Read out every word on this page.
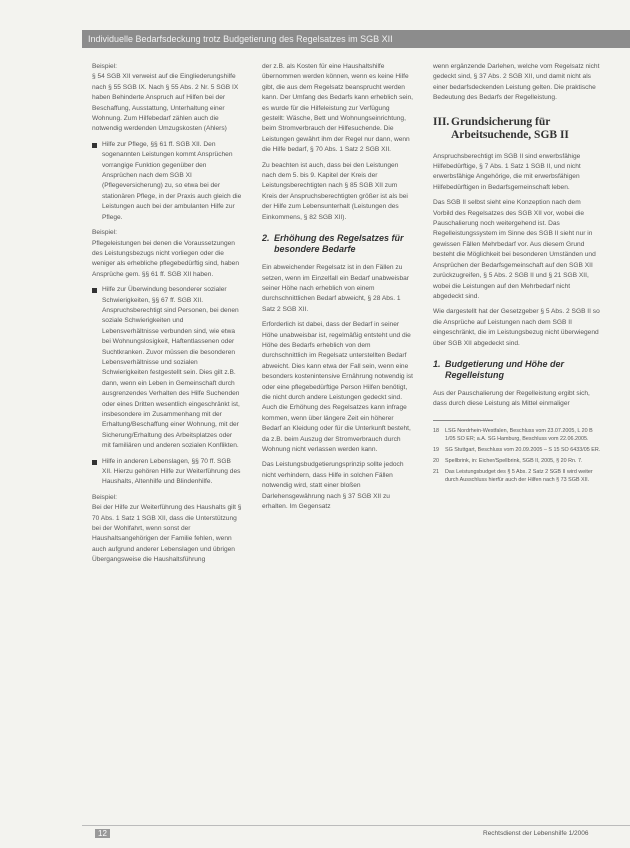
Individuelle Bedarfsdeckung trotz Budgetierung des Regelsatzes im SGB XII
Beispiel:
§ 54 SGB XII verweist auf die Eingliederungshilfe nach § 55 SGB IX. Nach § 55 Abs. 2 Nr. 5 SGB IX haben Behinderte Anspruch auf Hilfen bei der Beschaffung, Ausstattung, Unterhaltung einer Wohnung. Zum Hilfebedarf zählen auch die notwendig werdenden Umzugskosten (Ahlers)
Hilfe zur Pflege, §§ 61 ff. SGB XII. Den sogenannten Leistungen kommt Ansprüchen vorrangige Funktion gegenüber den Ansprüchen nach dem SGB XI (Pflegeversicherung) zu, so etwa bei der stationären Pflege, in der Praxis auch gleich die Leistungen auch bei der ambulanten Hilfe zur Pflege.
Beispiel:
Pflegeleistungen bei denen die Voraussetzungen des Leistungsbezugs nicht vorliegen oder die weniger als erhebliche pflegebedürftig sind, haben Ansprüche gem. §§ 61 ff. SGB XII haben.
Hilfe zur Überwindung besonderer sozialer Schwierigkeiten, §§ 67 ff. SGB XII. Anspruchsberechtigt sind Personen, bei denen soziale Schwierigkeiten und Lebensverhältnisse verbunden sind, wie etwa bei Wohnungslosigkeit, Haftentlassenen oder Suchtkranken. Zuvor müssen die besonderen Lebensverhältnisse und sozialen Schwierigkeiten festgestellt sein. Dies gilt z.B. dann, wenn ein Leben in Gemeinschaft durch ausgrenzendes Verhalten des Hilfe Suchenden oder eines Dritten wesentlich eingeschränkt ist, insbesondere im Zusammenhang mit der Erhaltung/Beschaffung einer Wohnung, mit der Sicherung/Erhaltung des Arbeitsplatzes oder mit familiären und anderen sozialen Konflikten.
Hilfe in anderen Lebenslagen, §§ 70 ff. SGB XII. Hierzu gehören Hilfe zur Weiterführung des Haushalts, Altenhilfe und Blindenhilfe.
Beispiel:
Bei der Hilfe zur Weiterführung des Haushalts gilt § 70 Abs. 1 Satz 1 SGB XII, dass die Unterstützung bei der Wohlfahrt, wenn sonst der Haushaltsangehörigen der Familie fehlen, wenn auch aufgrund anderer Lebenslagen und übrigen Übergangsweise die Haushaltsführung
der z.B. als Kosten für eine Haushaltshilfe übernommen werden können, wenn es keine Hilfe gibt, die aus dem Regelsatz beansprucht werden kann. Der Umfang des Bedarfs kann erheblich sein, es wurde für die Hilfeleistung zur Verfügung gestellt: Wäsche, Bett und Wohnungseinrichtung, beim Stromverbrauch der Hilfesuchende. Die Leistungen gewährt ihm der Regel nur dann, wenn die Hilfe bedarf, § 70 Abs. 1 Satz 2 SGB XII.
Zu beachten ist auch, dass bei den Leistungen nach dem 5. bis 9. Kapitel der Kreis der Leistungsberechtigten nach § 85 SGB XII zum Kreis der Anspruchsberechtigten größer ist als bei der Hilfe zum Lebensunterhalt (Leistungen des Einkommens, § 82 SGB XII).
2. Erhöhung des Regelsatzes für besondere Bedarfe
Ein abweichender Regelsatz ist in den Fällen zu setzen, wenn im Einzelfall ein Bedarf unabweisbar seiner Höhe nach erheblich von einem durchschnittlichen Bedarf abweicht, § 28 Abs. 1 Satz 2 SGB XII.
Erforderlich ist dabei, dass der Bedarf in seiner Höhe unabweisbar ist, regelmäßig entsteht und die Höhe des Bedarfs erheblich von dem durchschnittlich im Regelsatz unterstellten Bedarf abweicht. Dies kann etwa der Fall sein, wenn eine besonders kostenintensive Ernährung notwendig ist oder eine pflegebedürftige Person Hilfen benötigt, die nicht durch andere Leistungen gedeckt sind. Auch die Erhöhung des Regelsatzes kann infrage kommen, wenn über längere Zeit ein höherer Bedarf an Kleidung oder für die Unterkunft besteht, da z.B. beim Auszug der Stromverbrauch durch Wohnung nicht verlassen werden kann.
Das Leistungsbudgetierungsprinzip sollte jedoch nicht verhindern, dass Hilfe in solchen Fällen notwendig wird, statt einer bloßen Darlehensgewährung nach § 37 SGB XII zu erhalten. Im Gegensatz
wenn ergänzende Darlehen, welche vom Regelsatz nicht gedeckt sind, § 37 Abs. 2 SGB XII, und damit nicht als einer bedarfsdeckenden Leistung gelten. Die praktische Bedeutung des Bedarfs der Regelleistung.
III. Grundsicherung für Arbeitsuchende, SGB II
Anspruchsberechtigt im SGB II sind erwerbsfähige Hilfebedürftige, § 7 Abs. 1 Satz 1 SGB II, und nicht erwerbsfähige Angehörige, die mit erwerbsfähigen Hilfebedürftigen in Bedarfsgemeinschaft leben.
Das SGB II selbst sieht eine Konzeption nach dem Vorbild des Regelsatzes des SGB XII vor, wobei die Pauschalierung noch weitergehend ist. Das Regelleistungssystem im Sinne des SGB II sieht nur in gewissen Fällen Mehrbedarf vor. Aus diesem Grund besteht die Möglichkeit bei besonderen Umständen und Ansprüchen der Bedarfsgemeinschaft auf den SGB XII zurückzugreifen, § 5 Abs. 2 SGB II und § 21 SGB XII, wobei die Leistungen auf den Mehrbedarf nicht abgedeckt sind.
Wie dargestellt hat der Gesetzgeber § 5 Abs. 2 SGB II so die Ansprüche auf Leistungen nach dem SGB II eingeschränkt, die im Leistungsbezug nicht überwiegend über SGB XII abgedeckt sind.
1. Budgetierung und Höhe der Regelleistung
Aus der Pauschalierung der Regelleistung ergibt sich, dass durch diese Leistung als Mittel einmaliger
18 LSG Nordrhein-Westfalen, Beschluss vom 23.07.2005, L 20 B 1/05 SO ER; a.A. SG Hamburg, Beschluss vom 22.06.2005.
19 SG Stuttgart, Beschluss vom 20.09.2005 – S 15 SO 6433/05 ER.
20 Spellbrink, in: Eicher/Spellbrink, SGB II, 2005, § 20 Rn. 7.
21 Das Leistungsbudget des § 5 Abs. 2 Satz 2 SGB II wird weiter durch Ausschluss hierfür auch der Hilfen nach § 73 SGB XII.
12	Rechtsdienst der Lebenshilfe 1/2006
